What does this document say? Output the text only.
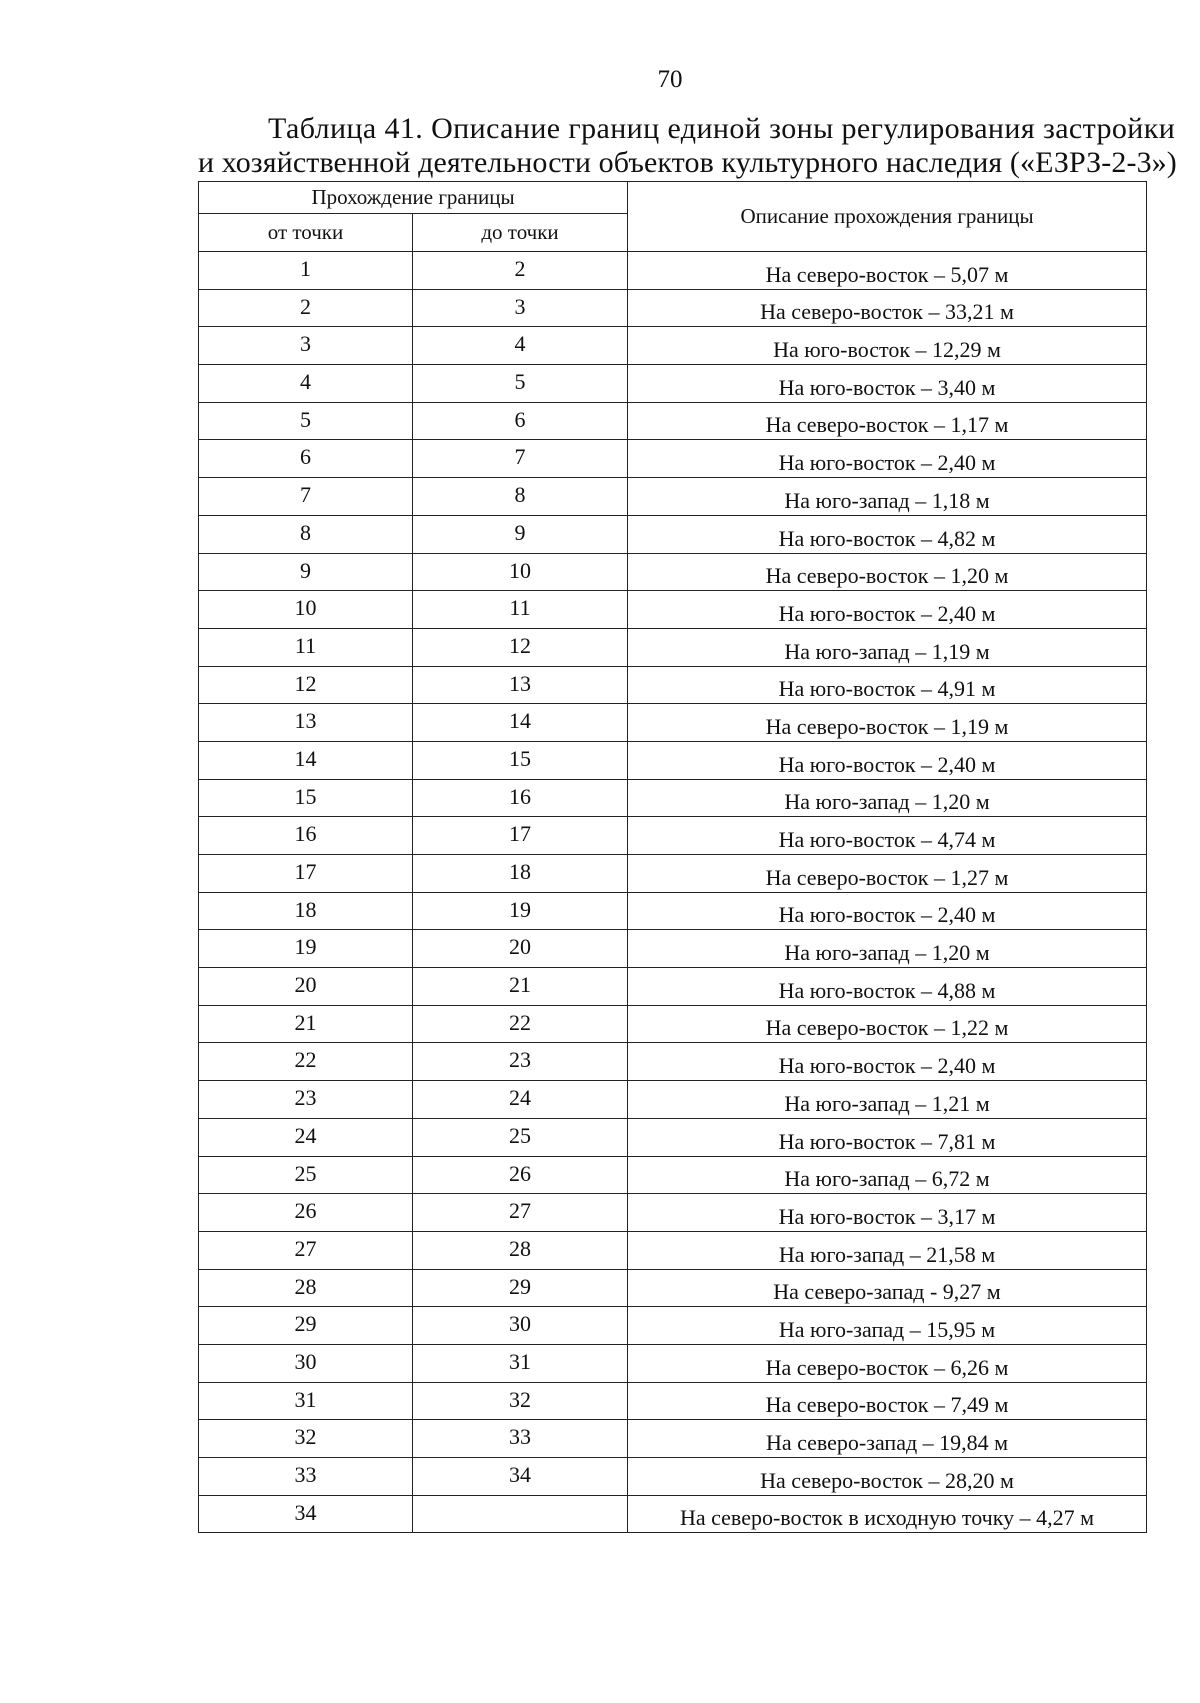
70
Таблица 41. Описание границ единой зоны регулирования застройки
и хозяйственной деятельности объектов культурного наследия («ЕЗРЗ-2-3»)
Прохождение границы		Описание прохождения границы
от точки	до точки	
1	2	На северо-восток – 5,07 м
2	3	На северо-восток – 33,21 м
3	4	На юго-восток – 12,29 м
4	5	На юго-восток – 3,40 м
5	6	На северо-восток – 1,17 м
6	7	На юго-восток – 2,40 м
7	8	На юго-запад – 1,18 м
8	9	На юго-восток – 4,82 м
9	10	На северо-восток – 1,20 м
10	11	На юго-восток – 2,40 м
11	12	На юго-запад – 1,19 м
12	13	На юго-восток – 4,91 м
13	14	На северо-восток – 1,19 м
14	15	На юго-восток – 2,40 м
15	16	На юго-запад – 1,20 м
16	17	На юго-восток – 4,74 м
17	18	На северо-восток – 1,27 м
18	19	На юго-восток – 2,40 м
19	20	На юго-запад – 1,20 м
20	21	На юго-восток – 4,88 м
21	22	На северо-восток – 1,22 м
22	23	На юго-восток – 2,40 м
23	24	На юго-запад – 1,21 м
24	25	На юго-восток – 7,81 м
25	26	На юго-запад – 6,72 м
26	27	На юго-восток – 3,17 м
27	28	На юго-запад – 21,58 м
28	29	На северо-запад - 9,27 м
29	30	На юго-запад – 15,95 м
30	31	На северо-восток – 6,26 м
31	32	На северо-восток – 7,49 м
32	33	На северо-запад – 19,84 м
33	34	На северо-восток – 28,20 м
34		На северо-восток в исходную точку – 4,27 м
